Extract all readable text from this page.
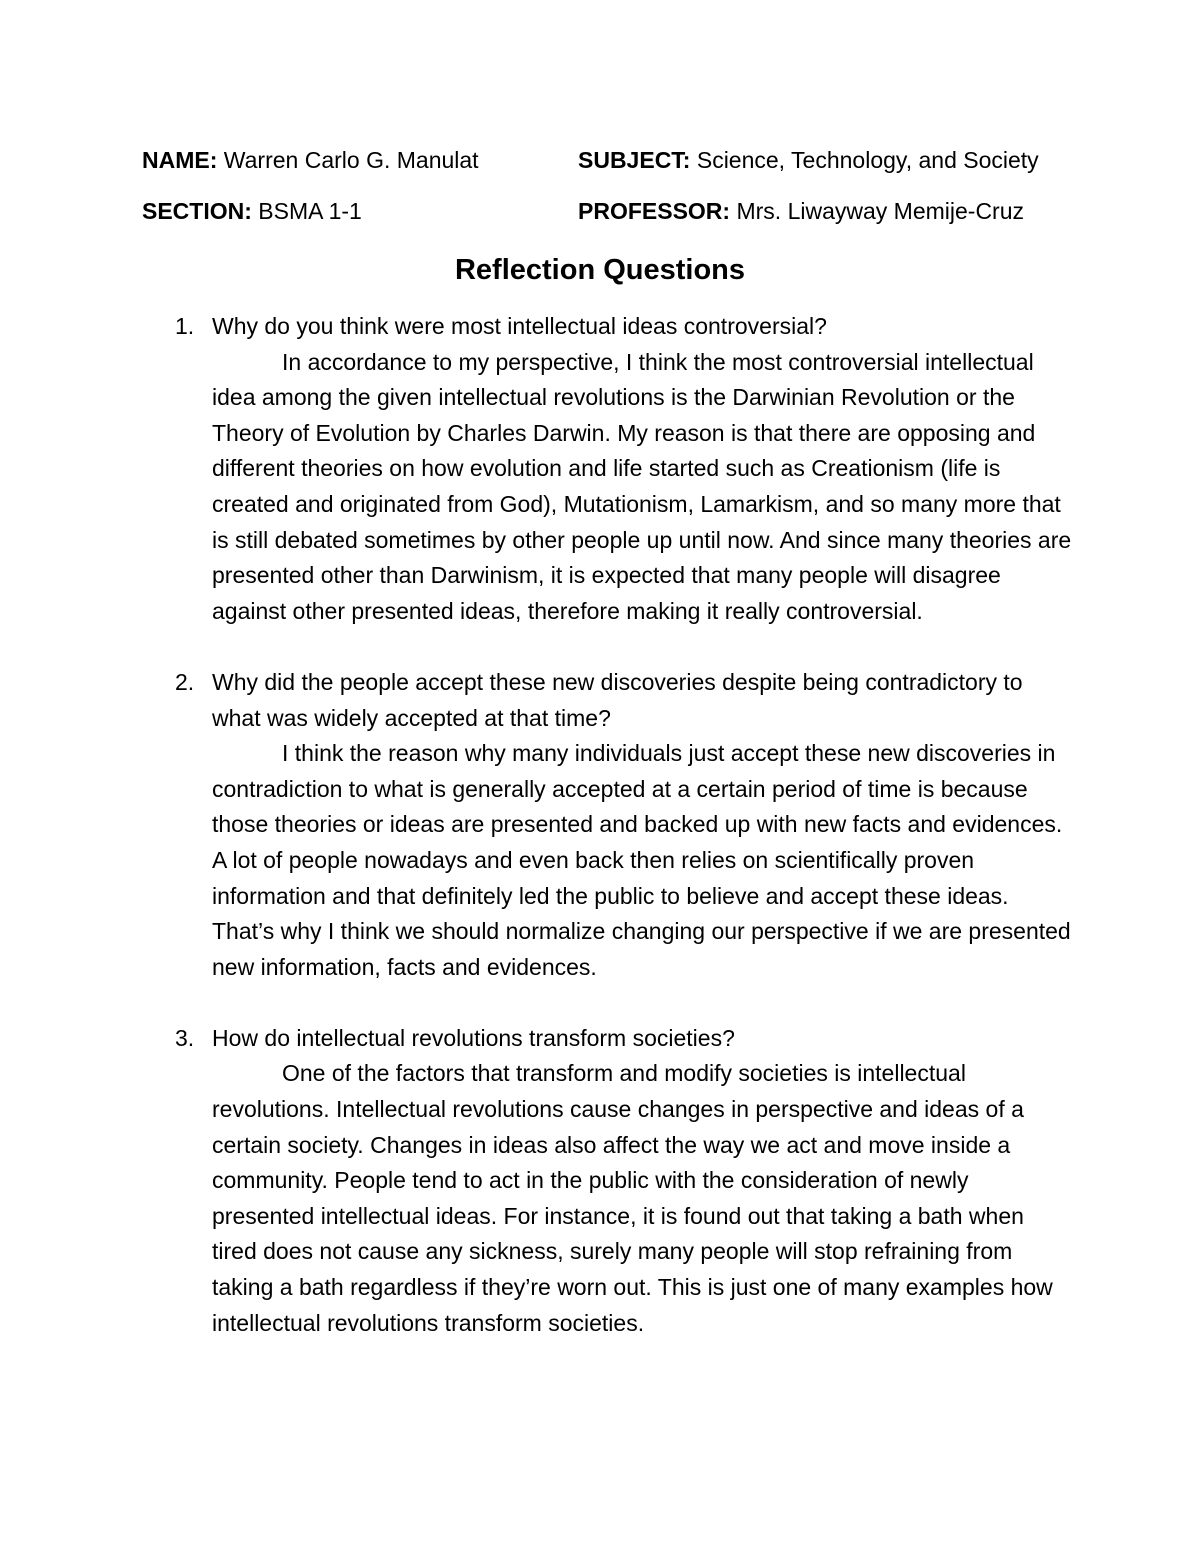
NAME: Warren Carlo G. Manulat	SUBJECT: Science, Technology, and Society
SECTION: BSMA 1-1	PROFESSOR: Mrs. Liwayway Memije-Cruz
Reflection Questions
1. Why do you think were most intellectual ideas controversial?
In accordance to my perspective, I think the most controversial intellectual idea among the given intellectual revolutions is the Darwinian Revolution or the Theory of Evolution by Charles Darwin. My reason is that there are opposing and different theories on how evolution and life started such as Creationism (life is created and originated from God), Mutationism, Lamarkism, and so many more that is still debated sometimes by other people up until now. And since many theories are presented other than Darwinism, it is expected that many people will disagree against other presented ideas, therefore making it really controversial.
2. Why did the people accept these new discoveries despite being contradictory to what was widely accepted at that time?
I think the reason why many individuals just accept these new discoveries in contradiction to what is generally accepted at a certain period of time is because those theories or ideas are presented and backed up with new facts and evidences. A lot of people nowadays and even back then relies on scientifically proven information and that definitely led the public to believe and accept these ideas. That’s why I think we should normalize changing our perspective if we are presented new information, facts and evidences.
3. How do intellectual revolutions transform societies?
One of the factors that transform and modify societies is intellectual revolutions. Intellectual revolutions cause changes in perspective and ideas of a certain society. Changes in ideas also affect the way we act and move inside a community. People tend to act in the public with the consideration of newly presented intellectual ideas. For instance, it is found out that taking a bath when tired does not cause any sickness, surely many people will stop refraining from taking a bath regardless if they’re worn out. This is just one of many examples how intellectual revolutions transform societies.
